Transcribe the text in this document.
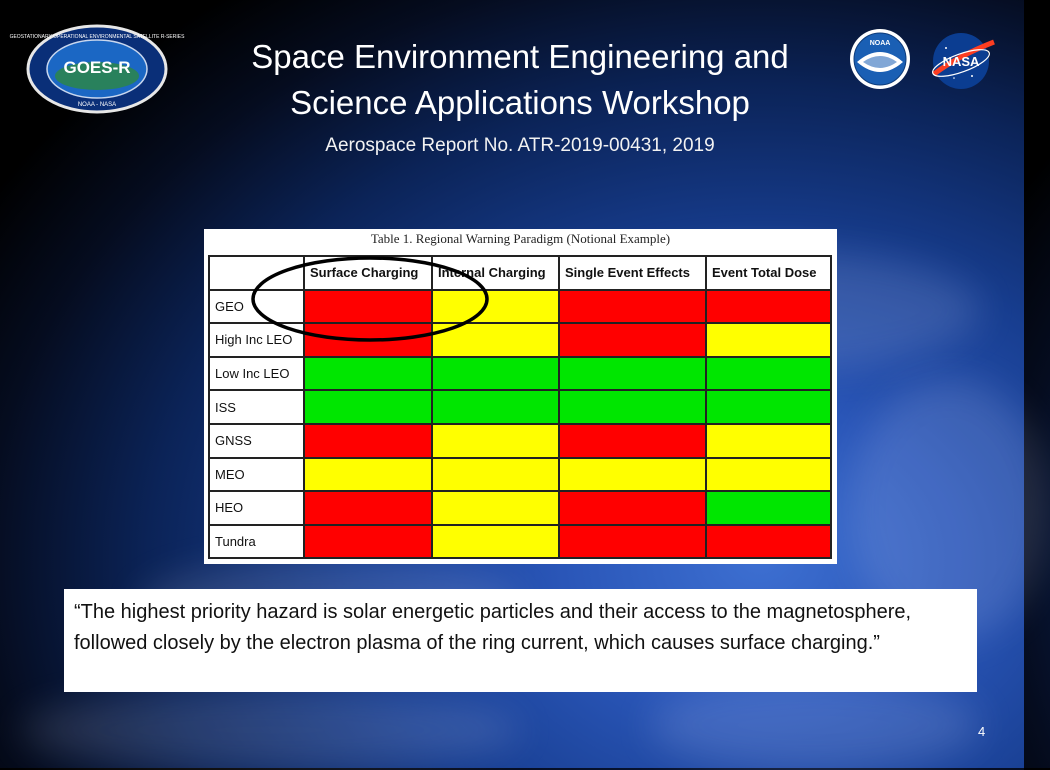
GOES-R
GEOSTATIONARY OPERATIONAL ENVIRONMENTAL SATELLITE R-SERIES
NOAA - NASA
Space Environment Engineering and
Science Applications Workshop
Aerospace Report No. ATR-2019-00431, 2019
NOAA
NASA
Table 1. Regional Warning Paradigm (Notional Example)
	Surface Charging	Internal Charging	Single Event Effects	Event Total Dose
GEO				
High Inc LEO				
Low Inc LEO				
ISS				
GNSS				
MEO				
HEO				
Tundra				
“The highest priority hazard is solar energetic particles and their access to the magnetosphere, followed closely by the electron plasma of the ring current, which causes surface charging.”
4
